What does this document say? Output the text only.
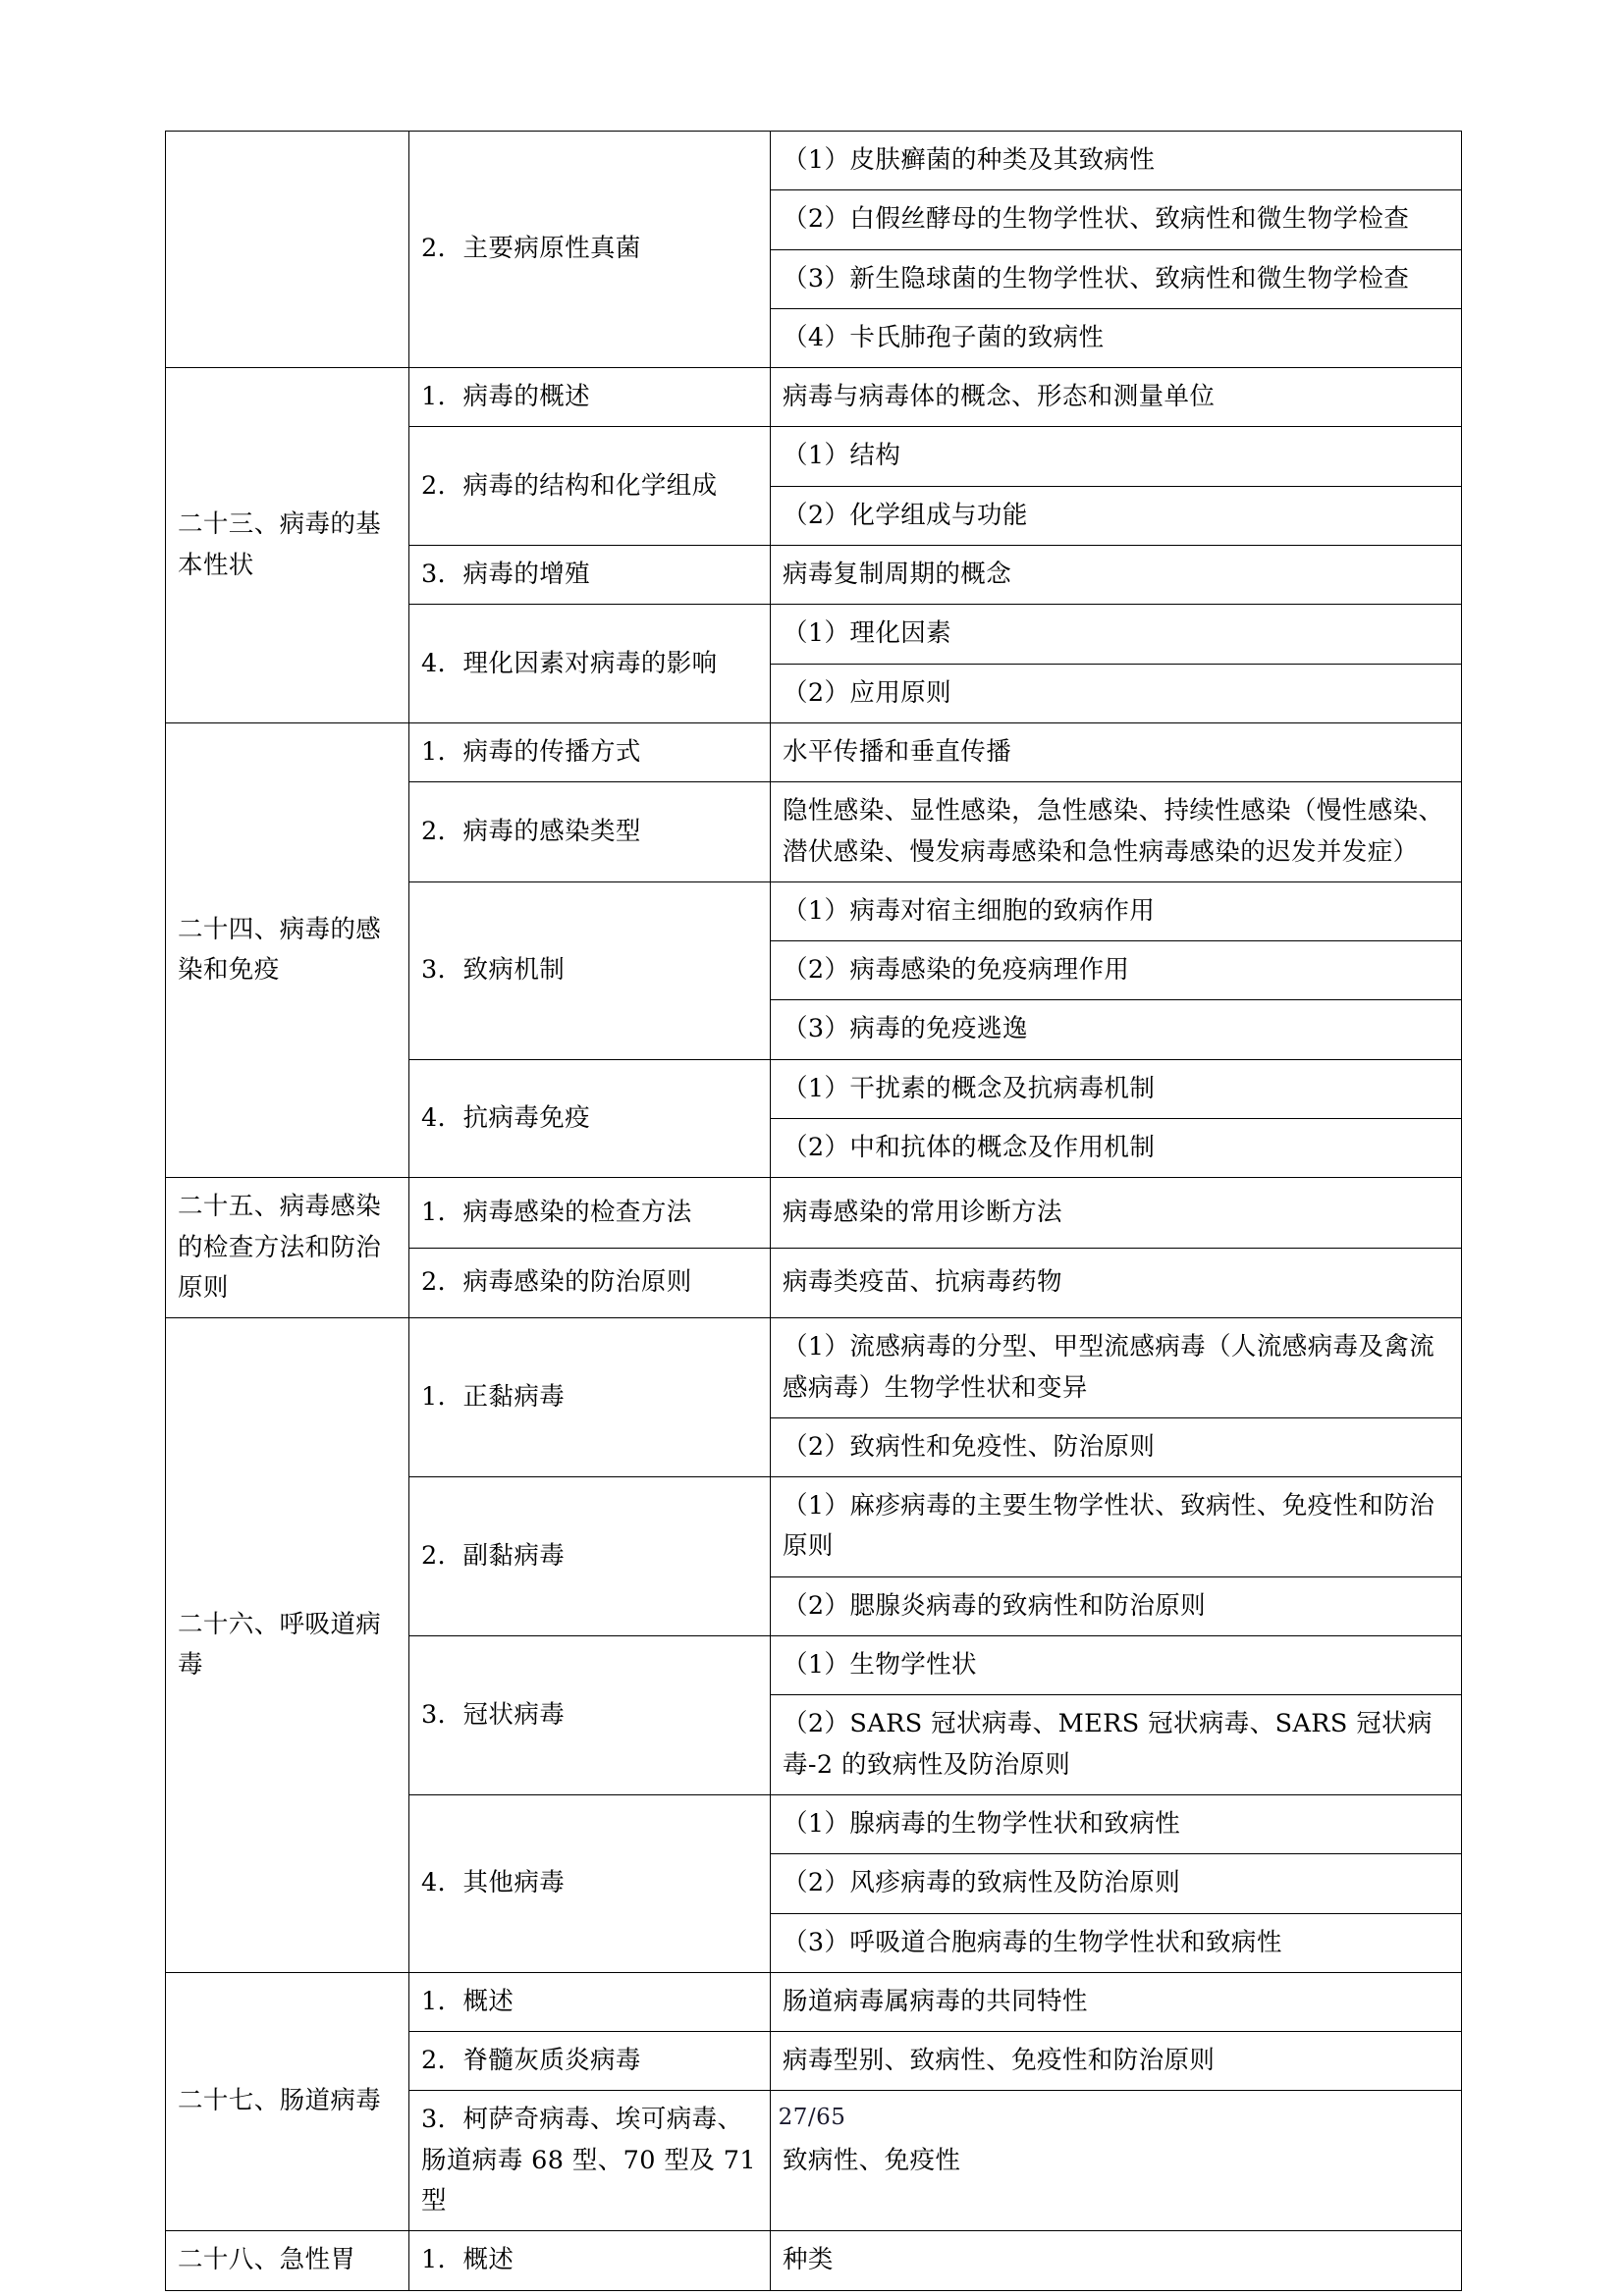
	2．主要病原性真菌	（1）皮肤癣菌的种类及其致病性
		（2）白假丝酵母的生物学性状、致病性和微生物学检查
		（3）新生隐球菌的生物学性状、致病性和微生物学检查
		（4）卡氏肺孢子菌的致病性
二十三、病毒的基本性状	1．病毒的概述	病毒与病毒体的概念、形态和测量单位
	2．病毒的结构和化学组成	（1）结构
		（2）化学组成与功能
	3．病毒的增殖	病毒复制周期的概念
	4．理化因素对病毒的影响	（1）理化因素
		（2）应用原则
二十四、病毒的感染和免疫	1．病毒的传播方式	水平传播和垂直传播
	2．病毒的感染类型	隐性感染、显性感染，急性感染、持续性感染（慢性感染、潜伏感染、慢发病毒感染和急性病毒感染的迟发并发症）
	3．致病机制	（1）病毒对宿主细胞的致病作用
		（2）病毒感染的免疫病理作用
		（3）病毒的免疫逃逸
	4．抗病毒免疫	（1）干扰素的概念及抗病毒机制
		（2）中和抗体的概念及作用机制
二十五、病毒感染的检查方法和防治原则	1．病毒感染的检查方法	病毒感染的常用诊断方法
	2．病毒感染的防治原则	病毒类疫苗、抗病毒药物
二十六、呼吸道病毒	1．正黏病毒	（1）流感病毒的分型、甲型流感病毒（人流感病毒及禽流感病毒）生物学性状和变异
		（2）致病性和免疫性、防治原则
	2．副黏病毒	（1）麻疹病毒的主要生物学性状、致病性、免疫性和防治原则
		（2）腮腺炎病毒的致病性和防治原则
	3．冠状病毒	（1）生物学性状
		（2）SARS 冠状病毒、MERS 冠状病毒、SARS 冠状病毒-2 的致病性及防治原则
	4．其他病毒	（1）腺病毒的生物学性状和致病性
		（2）风疹病毒的致病性及防治原则
		（3）呼吸道合胞病毒的生物学性状和致病性
二十七、肠道病毒	1．概述	肠道病毒属病毒的共同特性
	2．脊髓灰质炎病毒	病毒型别、致病性、免疫性和防治原则
	3．柯萨奇病毒、埃可病毒、肠道病毒 68 型、70 型及 71 型	致病性、免疫性
二十八、急性胃	1．概述	种类
27/65
